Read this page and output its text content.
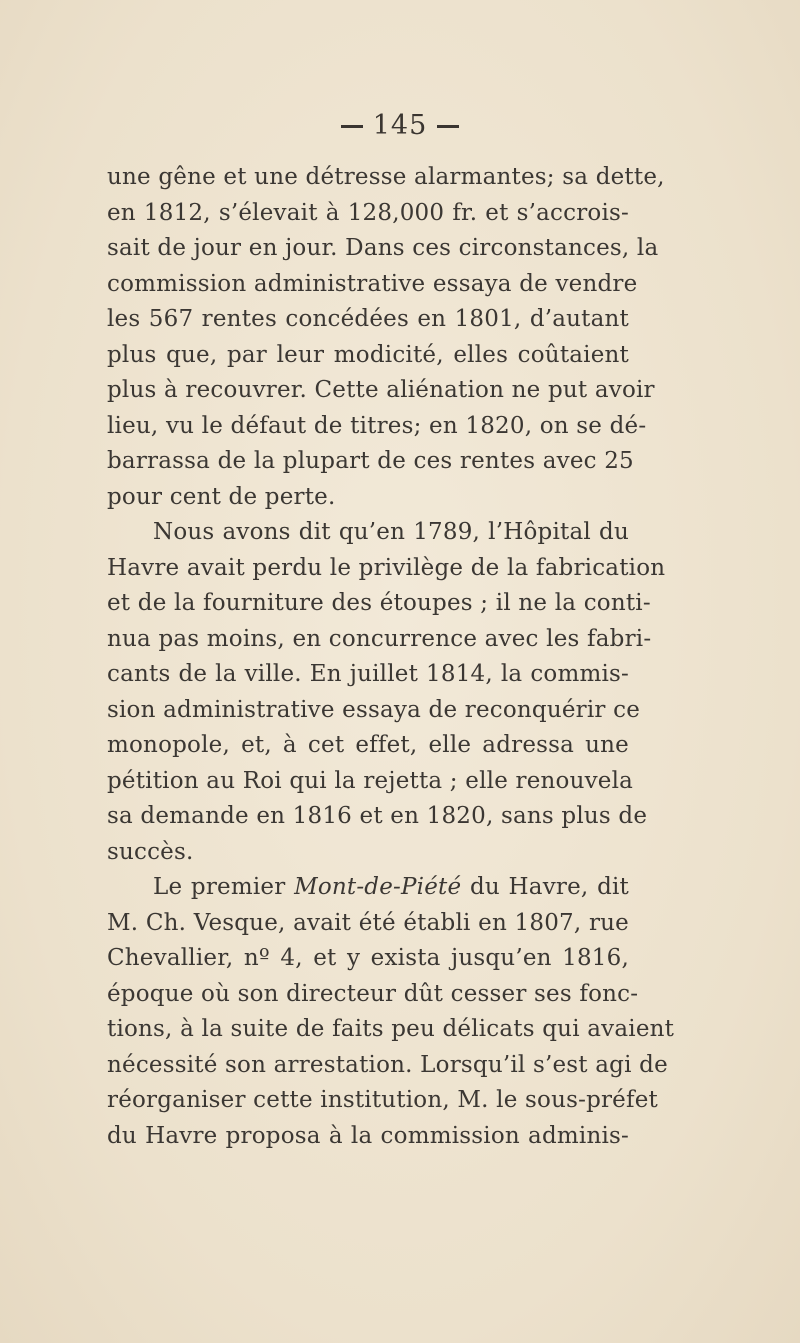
145
une gêne et une détresse alarmantes; sa dette,
en 1812, s’élevait à 128,000 fr. et s’accrois-
sait de jour en jour. Dans ces circonstances, la
commission administrative essaya de vendre
les 567 rentes concédées en 1801, d’autant
plus que, par leur modicité, elles coûtaient
plus à recouvrer. Cette aliénation ne put avoir
lieu, vu le défaut de titres; en 1820, on se dé-
barrassa de la plupart de ces rentes avec 25
pour cent de perte.
Nous avons dit qu’en 1789, l’Hôpital du
Havre avait perdu le privilège de la fabrication
et de la fourniture des étoupes ; il ne la conti-
nua pas moins, en concurrence avec les fabri-
cants de la ville. En juillet 1814, la commis-
sion administrative essaya de reconquérir ce
monopole, et, à cet effet, elle adressa une
pétition au Roi qui la rejetta ; elle renouvela
sa demande en 1816 et en 1820, sans plus de
succès.
Le premier Mont-de-Piété du Havre, dit
M. Ch. Vesque, avait été établi en 1807, rue
Chevallier, nº 4, et y exista jusqu’en 1816,
époque où son directeur dût cesser ses fonc-
tions, à la suite de faits peu délicats qui avaient
nécessité son arrestation. Lorsqu’il s’est agi de
réorganiser cette institution, M. le sous-préfet
du Havre proposa à la commission adminis-
